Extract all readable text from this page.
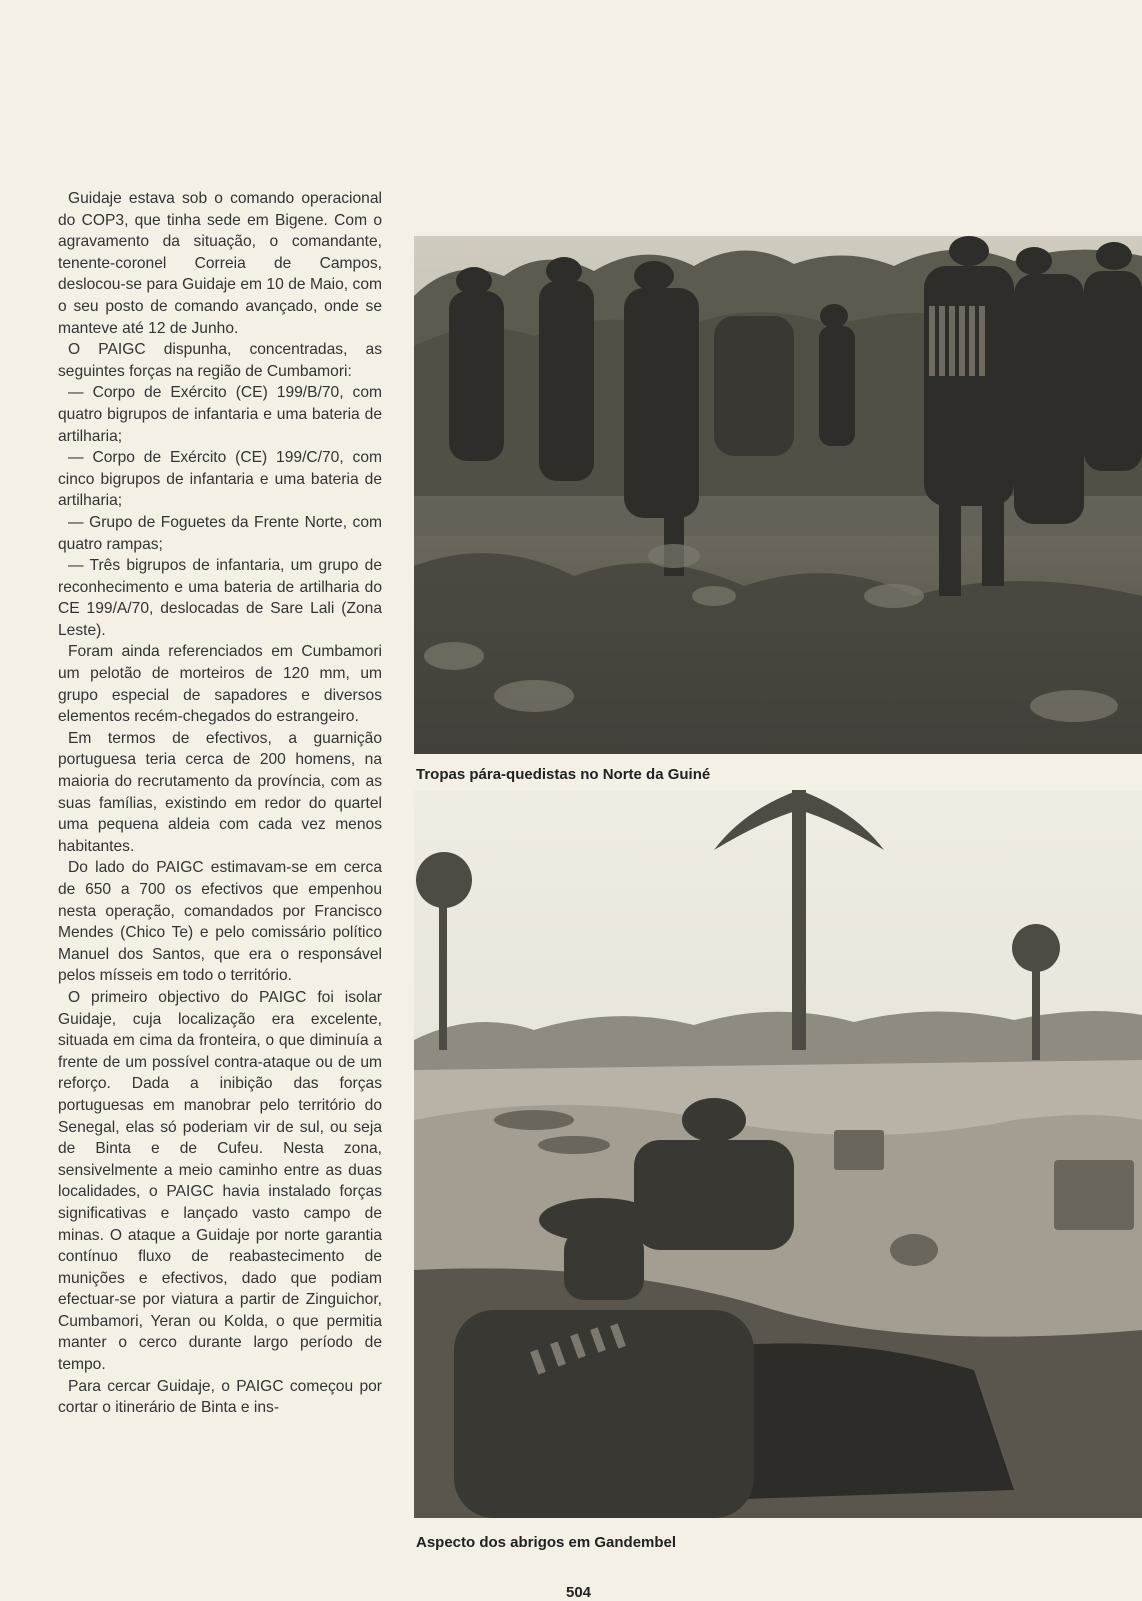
Guidaje estava sob o comando operacional do COP3, que tinha sede em Bigene. Com o agravamento da situação, o comandante, tenente-coronel Correia de Campos, deslocou-se para Guidaje em 10 de Maio, com o seu posto de comando avançado, onde se manteve até 12 de Junho.

O PAIGC dispunha, concentradas, as seguintes forças na região de Cumbamori:

— Corpo de Exército (CE) 199/B/70, com quatro bigrupos de infantaria e uma bateria de artilharia;

— Corpo de Exército (CE) 199/C/70, com cinco bigrupos de infantaria e uma bateria de artilharia;

— Grupo de Foguetes da Frente Norte, com quatro rampas;

— Três bigrupos de infantaria, um grupo de reconhecimento e uma bateria de artilharia do CE 199/A/70, deslocadas de Sare Lali (Zona Leste).

Foram ainda referenciados em Cumbamori um pelotão de morteiros de 120 mm, um grupo especial de sapadores e diversos elementos recém-chegados do estrangeiro.

Em termos de efectivos, a guarnição portuguesa teria cerca de 200 homens, na maioria do recrutamento da província, com as suas famílias, existindo em redor do quartel uma pequena aldeia com cada vez menos habitantes.

Do lado do PAIGC estimavam-se em cerca de 650 a 700 os efectivos que empenhou nesta operação, comandados por Francisco Mendes (Chico Te) e pelo comissário político Manuel dos Santos, que era o responsável pelos mísseis em todo o território.

O primeiro objectivo do PAIGC foi isolar Guidaje, cuja localização era excelente, situada em cima da fronteira, o que diminuía a frente de um possível contra-ataque ou de um reforço. Dada a inibição das forças portuguesas em manobrar pelo território do Senegal, elas só poderiam vir de sul, ou seja de Binta e de Cufeu. Nesta zona, sensivelmente a meio caminho entre as duas localidades, o PAIGC havia instalado forças significativas e lançado vasto campo de minas. O ataque a Guidaje por norte garantia contínuo fluxo de reabastecimento de munições e efectivos, dado que podiam efectuar-se por viatura a partir de Zinguichor, Cumbamori, Yeran ou Kolda, o que permitia manter o cerco durante largo período de tempo.

Para cercar Guidaje, o PAIGC começou por cortar o itinerário de Binta e ins-

Tropas pára-quedistas no Norte da Guiné
Aspecto dos abrigos em Gandembel
504
